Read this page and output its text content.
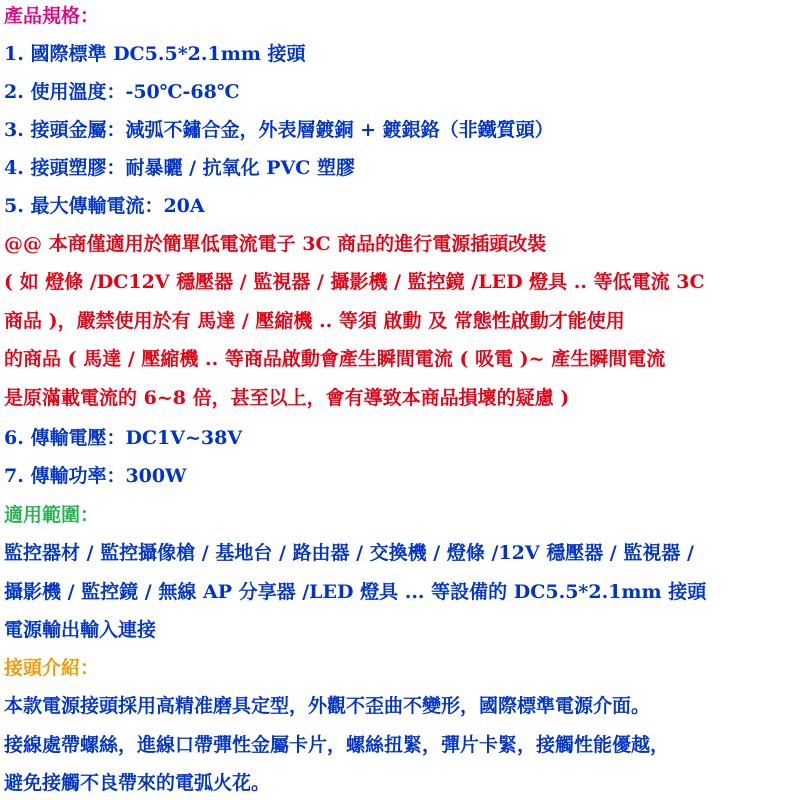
產品規格：
1. 國際標準 DC5.5*2.1mm 接頭
2. 使用溫度：-50℃-68℃
3. 接頭金屬：減弧不鏽合金，外表層鍍銅 + 鍍銀鉻（非鐵質頭）
4. 接頭塑膠：耐暴曬 / 抗氧化 PVC 塑膠
5. 最大傳輸電流：20A
@@ 本商僅適用於簡單低電流電子 3C 商品的進行電源插頭改裝
( 如 燈條 /DC12V 穩壓器 / 監視器 / 攝影機 / 監控鏡 /LED 燈具 .. 等低電流 3C
商品 )，嚴禁使用於有 馬達 / 壓縮機 .. 等須 啟動 及 常態性啟動才能使用
的商品 ( 馬達 / 壓縮機 .. 等商品啟動會產生瞬間電流 ( 吸電 )~ 產生瞬間電流
是原滿載電流的 6~8 倍，甚至以上，會有導致本商品損壞的疑慮 )
6. 傳輸電壓：DC1V~38V
7. 傳輸功率：300W
適用範圍：
監控器材 / 監控攝像槍 / 基地台 / 路由器 / 交換機 / 燈條 /12V 穩壓器 / 監視器 /
攝影機 / 監控鏡 / 無線 AP 分享器 /LED 燈具 ... 等設備的 DC5.5*2.1mm 接頭
電源輸出輸入連接
接頭介紹：
本款電源接頭採用高精准磨具定型，外觀不歪曲不變形，國際標準電源介面。
接線處帶螺絲，進線口帶彈性金屬卡片，螺絲扭緊，彈片卡緊，接觸性能優越，
避免接觸不良帶來的電弧火花。
